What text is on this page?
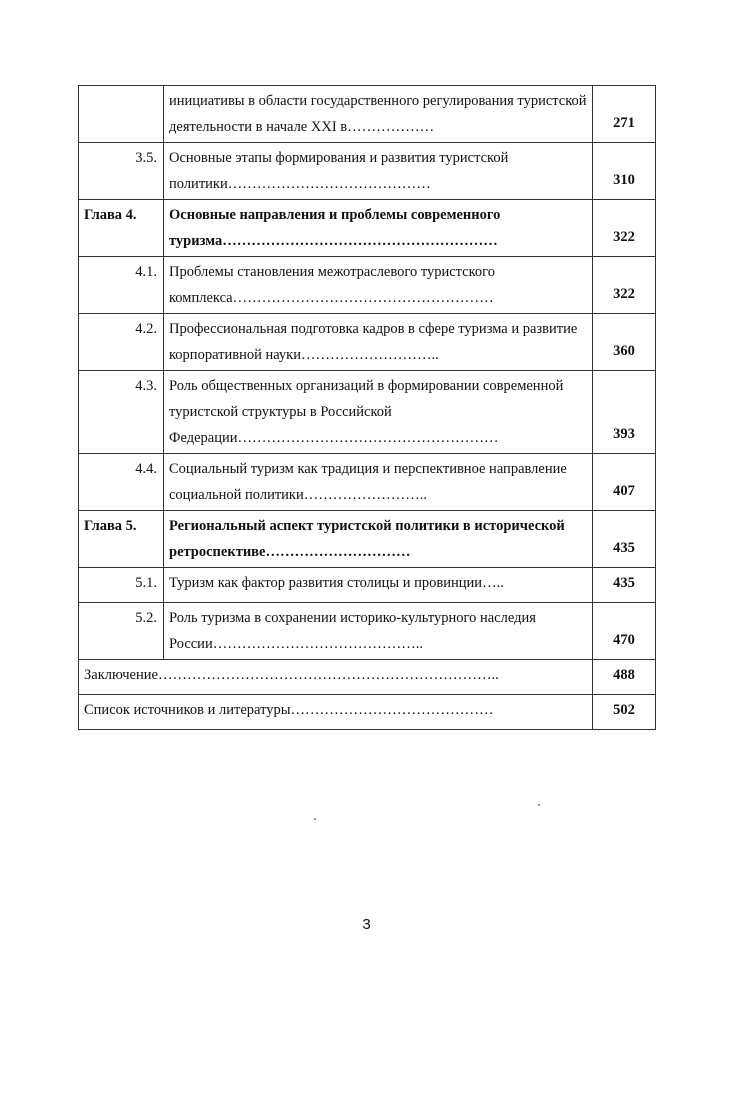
	инициативы в области государственного регулирования туристской деятельности в начале XXI в………………	271
3.5.	Основные этапы формирования и развития туристской политики……………………………………	310
Глава 4.	Основные направления и проблемы современного туризма…………………………………………………	322
4.1.	Проблемы становления межотраслевого туристского комплекса………………………………………………	322
4.2.	Профессиональная подготовка кадров в сфере туризма и развитие корпоративной науки………………………..	360
4.3.	Роль общественных организаций в формировании современной туристской структуры в Российской Федерации………………………………………………	393
4.4.	Социальный туризм как традиция и перспективное направление социальной политики……………………..	407
Глава 5.	Региональный аспект туристской политики в исторической ретроспективе…………………………	435
5.1.	Туризм как фактор развития столицы и провинции…..	435
5.2.	Роль туризма в сохранении историко-культурного наследия России……………………………………..	470
Заключение……………………………………………………………..		488
Список источников и литературы……………………………………		502
3
